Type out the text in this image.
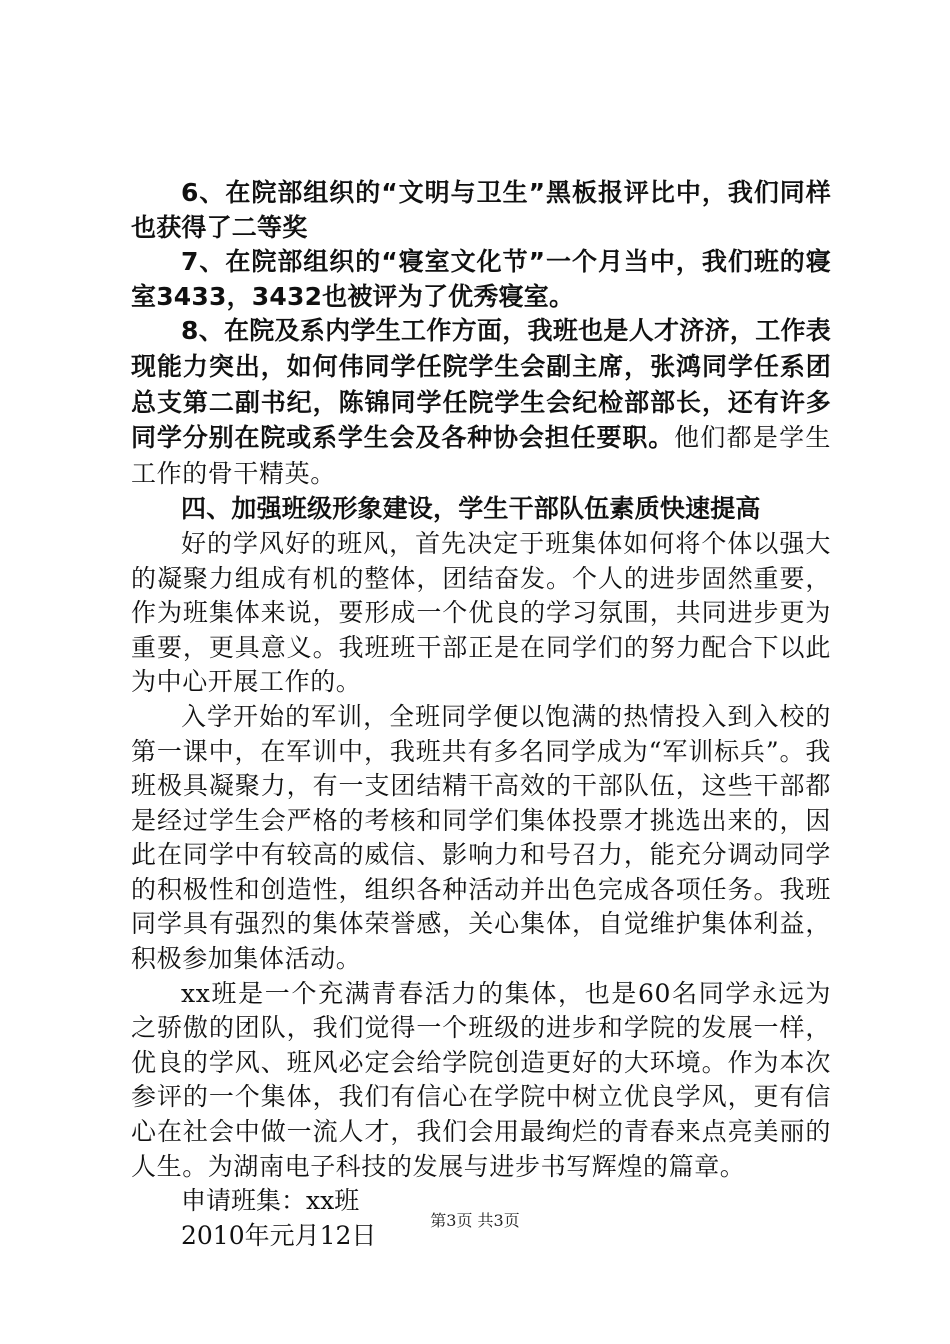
6、在院部组织的“文明与卫生”黑板报评比中，我们同样也获得了二等奖

7、在院部组织的“寝室文化节”一个月当中，我们班的寝室3433，3432也被评为了优秀寝室。

8、在院及系内学生工作方面，我班也是人才济济，工作表现能力突出，如何伟同学任院学生会副主席，张鸿同学任系团总支第二副书纪，陈锦同学任院学生会纪检部部长，还有许多同学分别在院或系学生会及各种协会担任要职。他们都是学生工作的骨干精英。

四、加强班级形象建设，学生干部队伍素质快速提高

好的学风好的班风，首先决定于班集体如何将个体以强大的凝聚力组成有机的整体，团结奋发。个人的进步固然重要，作为班集体来说，要形成一个优良的学习氛围，共同进步更为重要，更具意义。我班班干部正是在同学们的努力配合下以此为中心开展工作的。

入学开始的军训，全班同学便以饱满的热情投入到入校的第一课中，在军训中，我班共有多名同学成为“军训标兵”。我班极具凝聚力，有一支团结精干高效的干部队伍，这些干部都是经过学生会严格的考核和同学们集体投票才挑选出来的，因此在同学中有较高的威信、影响力和号召力，能充分调动同学的积极性和创造性，组织各种活动并出色完成各项任务。我班同学具有强烈的集体荣誉感，关心集体，自觉维护集体利益，积极参加集体活动。

xx班是一个充满青春活力的集体，也是60名同学永远为之骄傲的团队，我们觉得一个班级的进步和学院的发展一样，优良的学风、班风必定会给学院创造更好的大环境。作为本次参评的一个集体，我们有信心在学院中树立优良学风，更有信心在社会中做一流人才，我们会用最绚烂的青春来点亮美丽的人生。为湖南电子科技的发展与进步书写辉煌的篇章。

申请班集：xx班

2010年元月12日

第3页 共3页
